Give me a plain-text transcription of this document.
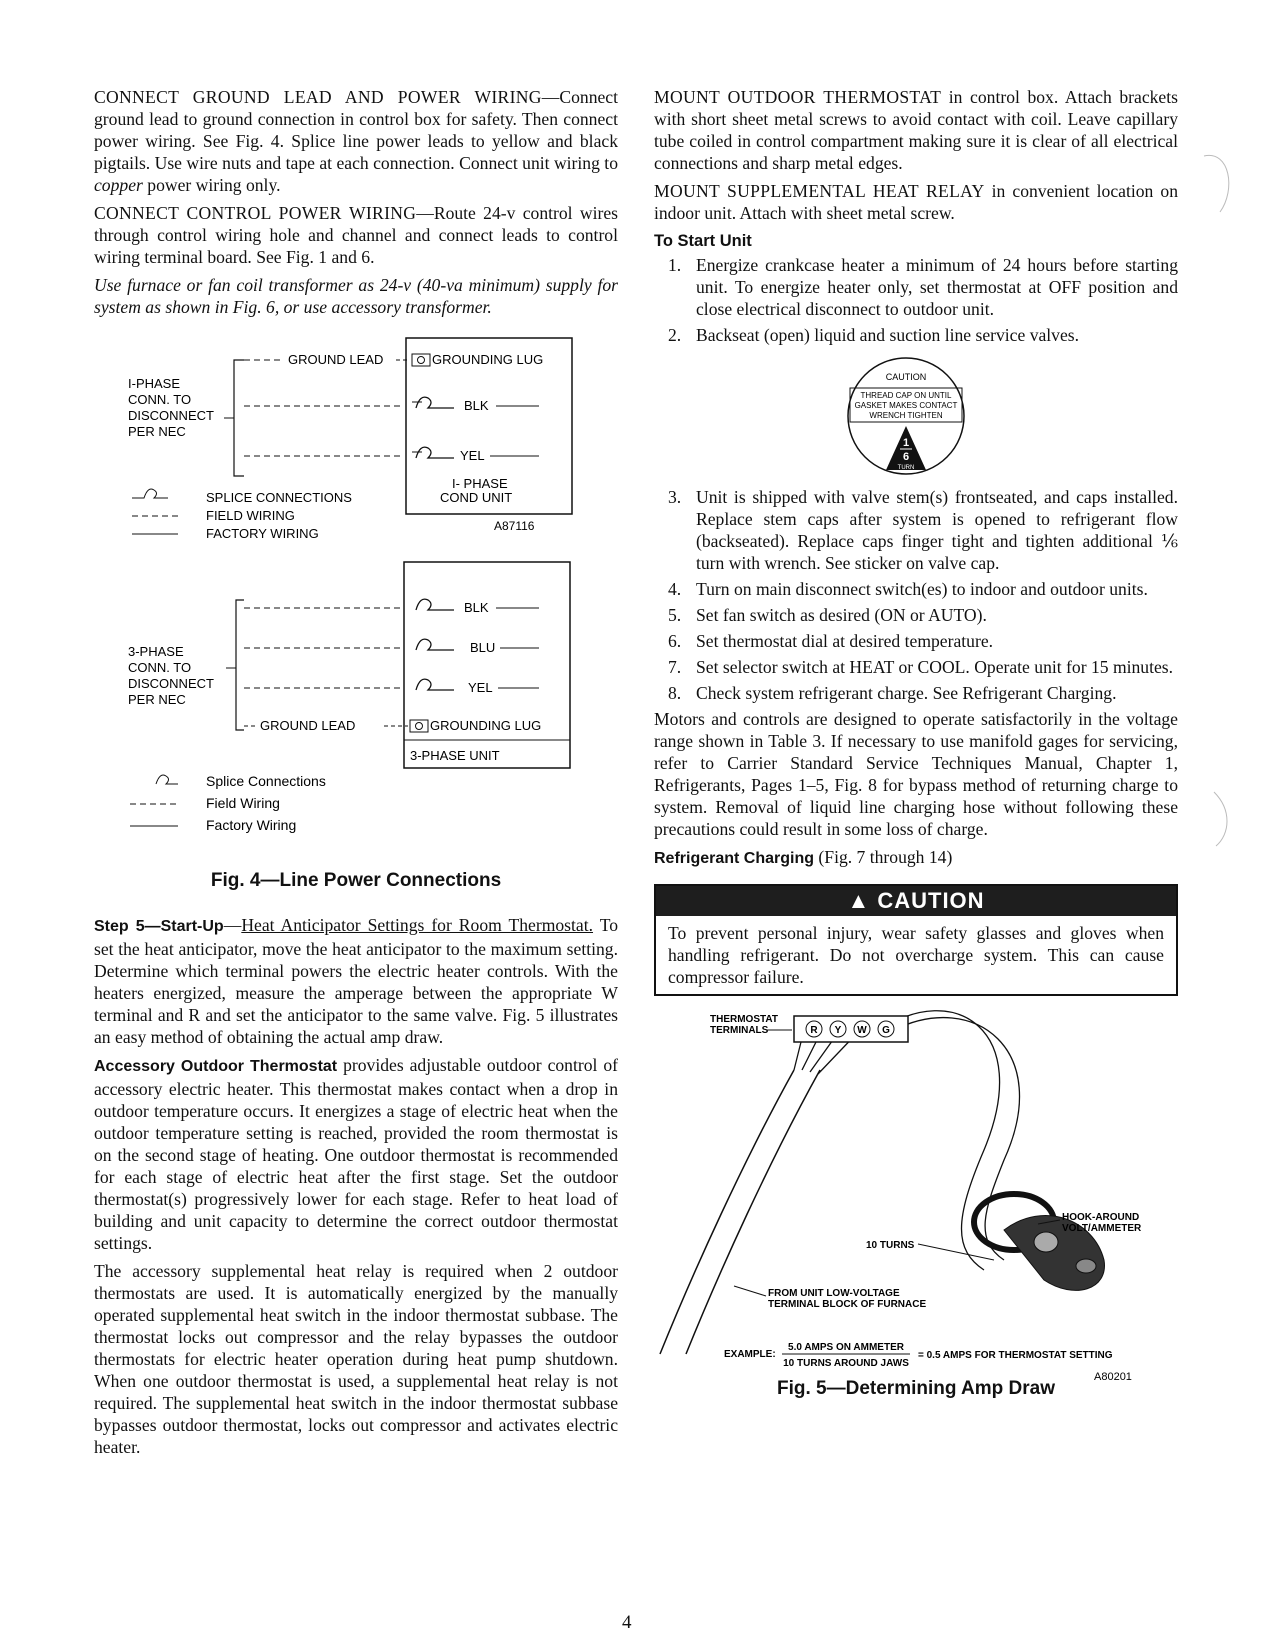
CONNECT GROUND LEAD AND POWER WIRING—Connect ground lead to ground connection in control box for safety. Then connect power wiring. See Fig. 4. Splice line power leads to yellow and black pigtails. Use wire nuts and tape at each connection. Connect unit wiring to copper power wiring only.

CONNECT CONTROL POWER WIRING—Route 24-v control wires through control wiring hole and channel and connect leads to control wiring terminal board. See Fig. 1 and 6.

Use furnace or fan coil transformer as 24-v (40-va minimum) supply for system as shown in Fig. 6, or use accessory transformer.

GROUND LEAD	GROUNDING LUG
BLK
YEL
I- PHASE
COND UNIT
I-PHASE
CONN. TO
DISCONNECT
PER NEC
SPLICE CONNECTIONS
FIELD WIRING
FACTORY WIRING	A87116
BLK
BLU
YEL
GROUND LEAD	GROUNDING LUG
3-PHASE UNIT
3-PHASE
CONN. TO
DISCONNECT
PER NEC
Splice Connections
Field Wiring
Factory Wiring
Fig. 4—Line Power Connections

Step 5—Start-Up—Heat Anticipator Settings for Room Thermostat. To set the heat anticipator, move the heat anticipator to the maximum setting. Determine which terminal powers the electric heater controls. With the heaters energized, measure the amperage between the appropriate W terminal and R and set the anticipator to the same valve. Fig. 5 illustrates an easy method of obtaining the actual amp draw.

Accessory Outdoor Thermostat provides adjustable outdoor control of accessory electric heater. This thermostat makes contact when a drop in outdoor temperature occurs. It energizes a stage of electric heat when the outdoor temperature setting is reached, provided the room thermostat is on the second stage of heating. One outdoor thermostat is recommended for each stage of electric heat after the first stage. Set the outdoor thermostat(s) progressively lower for each stage. Refer to heat load of building and unit capacity to determine the correct outdoor thermostat settings.

The accessory supplemental heat relay is required when 2 outdoor thermostats are used. It is automatically energized by the manually operated supplemental heat switch in the indoor thermostat subbase. The thermostat locks out compressor and the relay bypasses the outdoor thermostats for electric heater operation during heat pump shutdown. When one outdoor thermostat is used, a supplemental heat relay is not required. The supplemental heat switch in the indoor thermostat subbase bypasses outdoor thermostat, locks out compressor and activates electric heater.

MOUNT OUTDOOR THERMOSTAT in control box. Attach brackets with short sheet metal screws to avoid contact with coil. Leave capillary tube coiled in control compartment making sure it is clear of all electrical connections and sharp metal edges.

MOUNT SUPPLEMENTAL HEAT RELAY in convenient location on indoor unit. Attach with sheet metal screw.

To Start Unit
1. Energize crankcase heater a minimum of 24 hours before starting unit. To energize heater only, set thermostat at OFF position and close electrical disconnect to outdoor unit.
2. Backseat (open) liquid and suction line service valves.
CAUTION
THREAD CAP ON UNTIL
GASKET MAKES CONTACT
WRENCH TIGHTEN
1
6
TURN
3. Unit is shipped with valve stem(s) frontseated, and caps installed. Replace stem caps after system is opened to refrigerant flow (backseated). Replace caps finger tight and tighten additional ⅙ turn with wrench. See sticker on valve cap.
4. Turn on main disconnect switch(es) to indoor and outdoor units.
5. Set fan switch as desired (ON or AUTO).
6. Set thermostat dial at desired temperature.
7. Set selector switch at HEAT or COOL. Operate unit for 15 minutes.
8. Check system refrigerant charge. See Refrigerant Charging.

Motors and controls are designed to operate satisfactorily in the voltage range shown in Table 3. If necessary to use manifold gages for servicing, refer to Carrier Standard Service Techniques Manual, Chapter 1, Refrigerants, Pages 1–5, Fig. 8 for bypass method of returning charge to system. Removal of liquid line charging hose without following these precautions could result in some loss of charge.

Refrigerant Charging (Fig. 7 through 14)

▲ CAUTION
To prevent personal injury, wear safety glasses and gloves when handling refrigerant. Do not overcharge system. This can cause compressor failure.
R Y W G
THERMOSTAT
TERMINALS
10 TURNS
HOOK-AROUND
VOLT/AMMETER
FROM UNIT LOW-VOLTAGE
TERMINAL BLOCK OF FURNACE
EXAMPLE:
5.0 AMPS ON AMMETER
10 TURNS AROUND JAWS
= 0.5 AMPS FOR THERMOSTAT SETTING
A80201
Fig. 5—Determining Amp Draw
4
